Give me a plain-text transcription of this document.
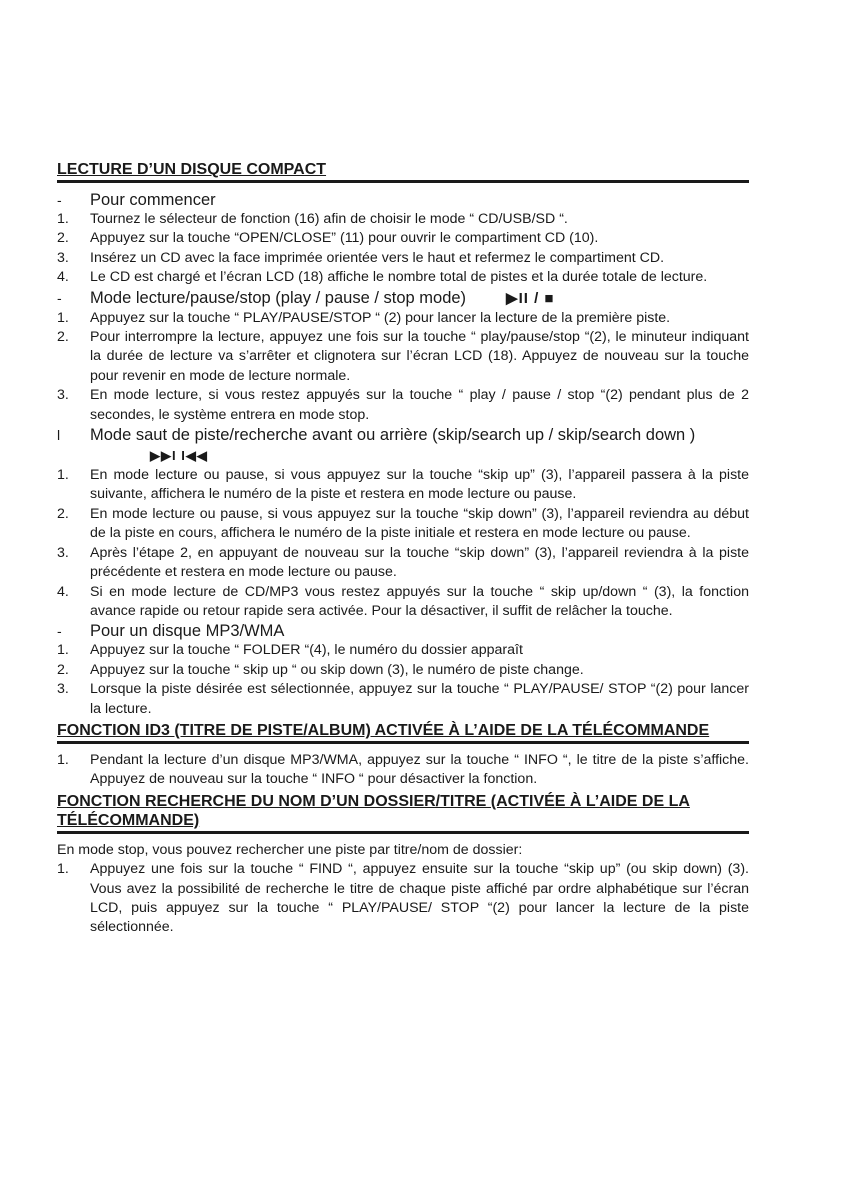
LECTURE D’UN DISQUE COMPACT
-	Pour commencer
1.	Tournez le sélecteur de fonction (16) afin de choisir le mode “ CD/USB/SD “.
2.	Appuyez sur la touche “OPEN/CLOSE” (11) pour ouvrir le compartiment CD (10).
3.	Insérez un CD avec la face imprimée orientée vers le haut et refermez le compartiment CD.
4.	Le CD est chargé et l’écran LCD (18) affiche le nombre total de pistes et la durée totale de lecture.
-	Mode lecture/pause/stop (play / pause / stop mode)	▶II / ■
1.	Appuyez sur la touche “ PLAY/PAUSE/STOP “ (2) pour lancer la lecture de la première piste.
2.	Pour interrompre la lecture, appuyez une fois sur la touche “ play/pause/stop “(2), le minuteur indiquant la durée de lecture va s’arrêter et clignotera sur l’écran LCD (18). Appuyez de nouveau sur la touche pour revenir en mode de lecture normale.
3.	En mode lecture, si vous restez appuyés sur la touche “ play / pause / stop “(2) pendant plus de 2 secondes, le système entrera en mode stop.
l	Mode saut de piste/recherche avant ou arrière (skip/search up / skip/search down )▶▶I I◀◀
1.	En mode lecture ou pause, si vous appuyez sur la touche “skip up” (3), l’appareil passera à la piste suivante, affichera le numéro de la piste et restera en mode lecture ou pause.
2.	En mode lecture ou pause, si vous appuyez sur la touche “skip down” (3), l’appareil reviendra au début de la piste en cours, affichera le numéro de la piste initiale et restera en mode lecture ou pause.
3.	Après l’étape 2, en appuyant de nouveau sur la touche “skip down” (3), l’appareil reviendra à la piste précédente et restera en mode lecture ou pause.
4.	Si en mode lecture de CD/MP3 vous restez appuyés sur la touche “ skip up/down “ (3), la fonction avance rapide ou retour rapide sera activée. Pour la désactiver, il suffit de relâcher la touche.
-	Pour un disque MP3/WMA
1.	Appuyez sur la touche “ FOLDER “(4), le numéro du dossier apparaît
2.	Appuyez sur la touche “ skip up “ ou skip down (3), le numéro de piste change.
3.	Lorsque la piste désirée est sélectionnée, appuyez sur la touche “ PLAY/PAUSE/ STOP “(2) pour lancer la lecture.
FONCTION ID3 (TITRE DE PISTE/ALBUM) ACTIVÉE À L’AIDE DE LA TÉLÉCOMMANDE
1.	Pendant la lecture d’un disque MP3/WMA, appuyez sur la touche “ INFO “, le titre de la piste s’affiche. Appuyez de nouveau sur la touche “ INFO “ pour désactiver la fonction.
FONCTION RECHERCHE DU NOM D’UN DOSSIER/TITRE (ACTIVÉE À L’AIDE DE LA TÉLÉCOMMANDE)
En mode stop, vous pouvez rechercher une piste par titre/nom de dossier:
1.	Appuyez une fois sur la touche “ FIND “, appuyez ensuite sur la touche “skip up” (ou skip down) (3). Vous avez la possibilité de recherche le titre de chaque piste affiché par ordre alphabétique sur l’écran LCD, puis appuyez sur la touche “ PLAY/PAUSE/ STOP “(2) pour lancer la lecture de la piste sélectionnée.
